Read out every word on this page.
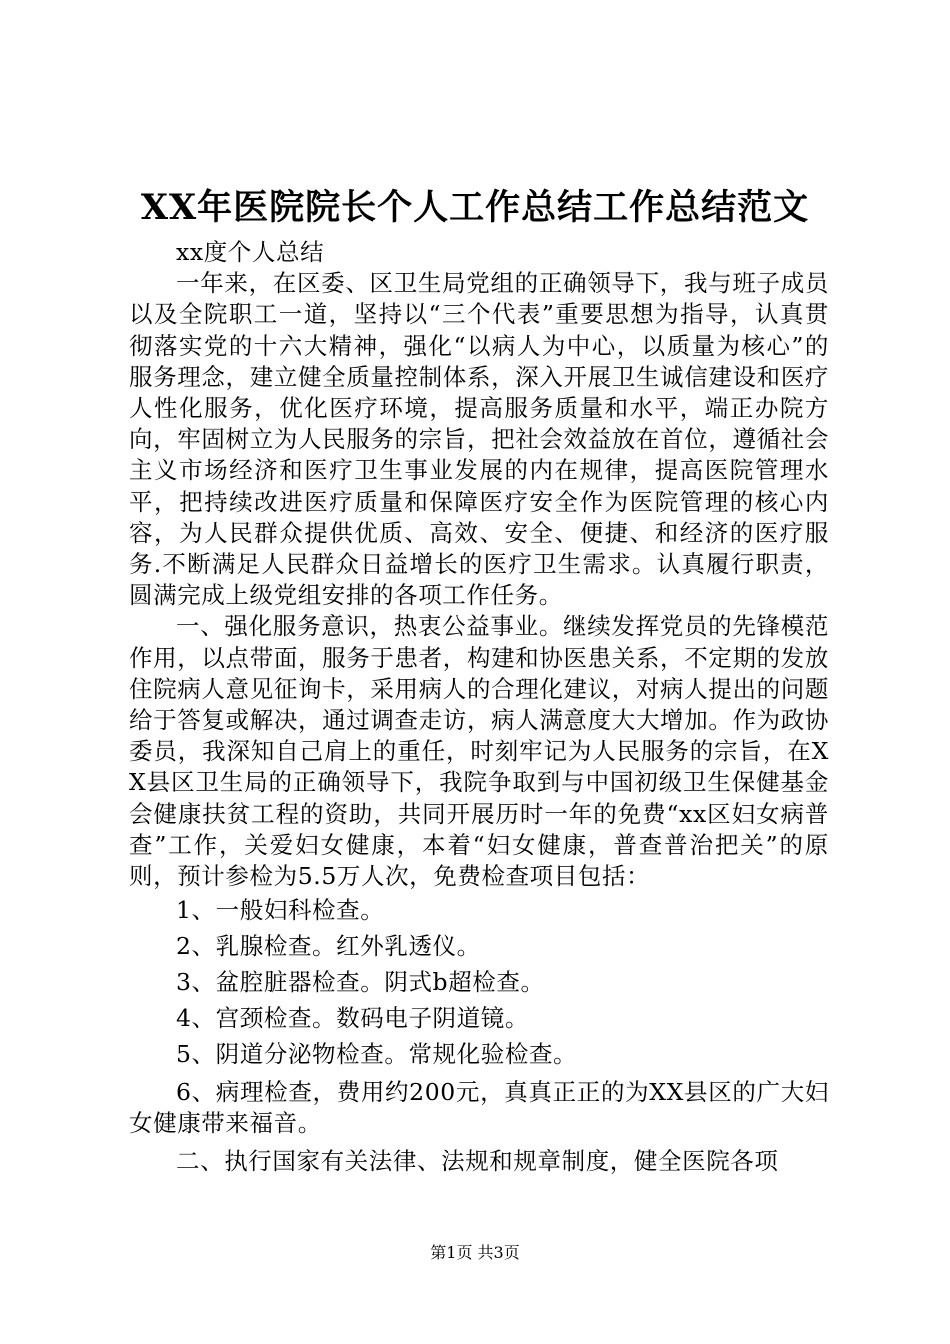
XX年医院院长个人工作总结工作总结范文

xx度个人总结

一年来，在区委、区卫生局党组的正确领导下，我与班子成员以及全院职工一道，坚持以“三个代表”重要思想为指导，认真贯彻落实党的十六大精神，强化“以病人为中心，以质量为核心”的服务理念，建立健全质量控制体系，深入开展卫生诚信建设和医疗人性化服务，优化医疗环境，提高服务质量和水平，端正办院方向，牢固树立为人民服务的宗旨，把社会效益放在首位，遵循社会主义市场经济和医疗卫生事业发展的内在规律，提高医院管理水平，把持续改进医疗质量和保障医疗安全作为医院管理的核心内容，为人民群众提供优质、高效、安全、便捷、和经济的医疗服务.不断满足人民群众日益增长的医疗卫生需求。认真履行职责，圆满完成上级党组安排的各项工作任务。

一、强化服务意识，热衷公益事业。继续发挥党员的先锋模范作用，以点带面，服务于患者，构建和协医患关系，不定期的发放住院病人意见征询卡，采用病人的合理化建议，对病人提出的问题给于答复或解决，通过调查走访，病人满意度大大增加。作为政协委员，我深知自己肩上的重任，时刻牢记为人民服务的宗旨，在XX县区卫生局的正确领导下，我院争取到与中国初级卫生保健基金会健康扶贫工程的资助，共同开展历时一年的免费“xx区妇女病普查”工作，关爱妇女健康，本着“妇女健康，普查普治把关”的原则，预计参检为5.5万人次，免费检查项目包括：

1、一般妇科检查。

2、乳腺检查。红外乳透仪。

3、盆腔脏器检查。阴式b超检查。

4、宫颈检查。数码电子阴道镜。

5、阴道分泌物检查。常规化验检查。

6、病理检查，费用约200元，真真正正的为XX县区的广大妇女健康带来福音。

二、执行国家有关法律、法规和规章制度，健全医院各项

第1页 共3页
